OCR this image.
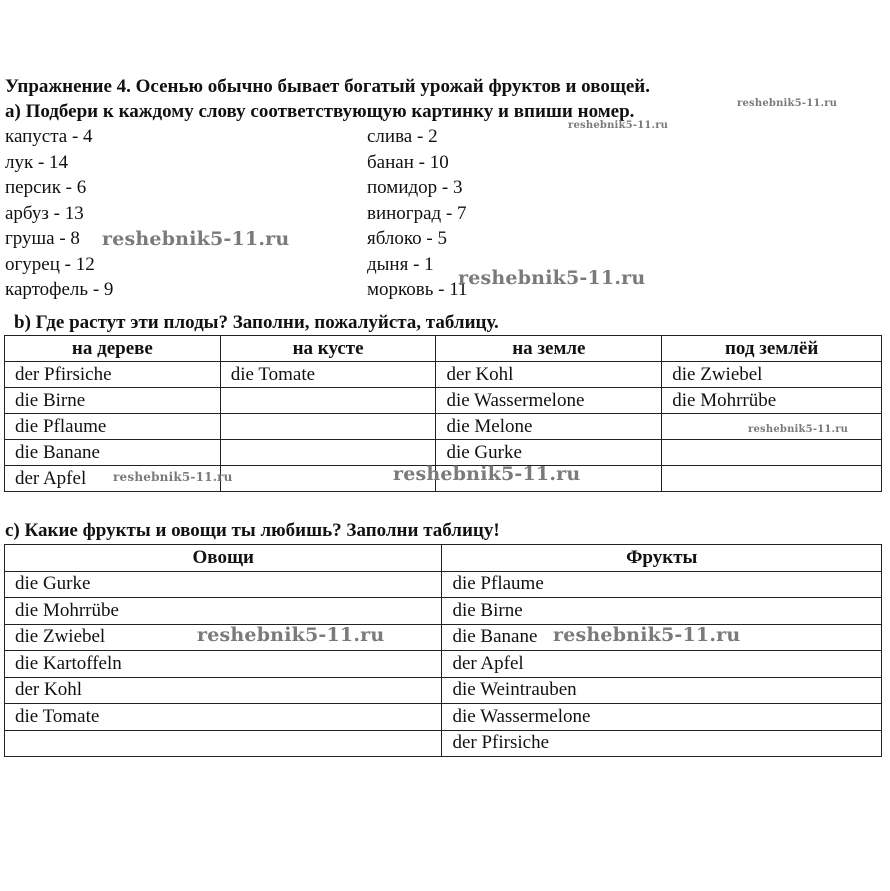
Упражнение 4. Осенью обычно бывает богатый урожай фруктов и овощей.
а) Подбери к каждому слову соответствующую картинку и впиши номер.
капуста - 4
лук - 14
персик - 6
арбуз - 13
груша - 8
огурец - 12
картофель - 9
слива - 2
банан - 10
помидор - 3
виноград - 7
яблоко - 5
дыня - 1
морковь - 11
b) Где растут эти плоды? Заполни, пожалуйста, таблицу.
на дереве	на кусте	на земле	под землёй
der Pfirsiche	die Tomate	der Kohl	die Zwiebel
die Birne		die Wassermelone	die Mohrrübe
die Pflaume		die Melone	
die Banane		die Gurke	
der Apfel			
c) Какие фрукты и овощи ты любишь? Заполни таблицу!
Овощи	Фрукты
die Gurke	die Pflaume
die Mohrrübe	die Birne
die Zwiebel	die Banane
die Kartoffeln	der Apfel
der Kohl	die Weintrauben
die Tomate	die Wassermelone
	der Pfirsiche
reshebnik5-11.ru
reshebnik5-11.ru
reshebnik5-11.ru
reshebnik5-11.ru
reshebnik5-11.ru
reshebnik5-11.ru	reshebnik5-11.ru
reshebnik5-11.ru	reshebnik5-11.ru
